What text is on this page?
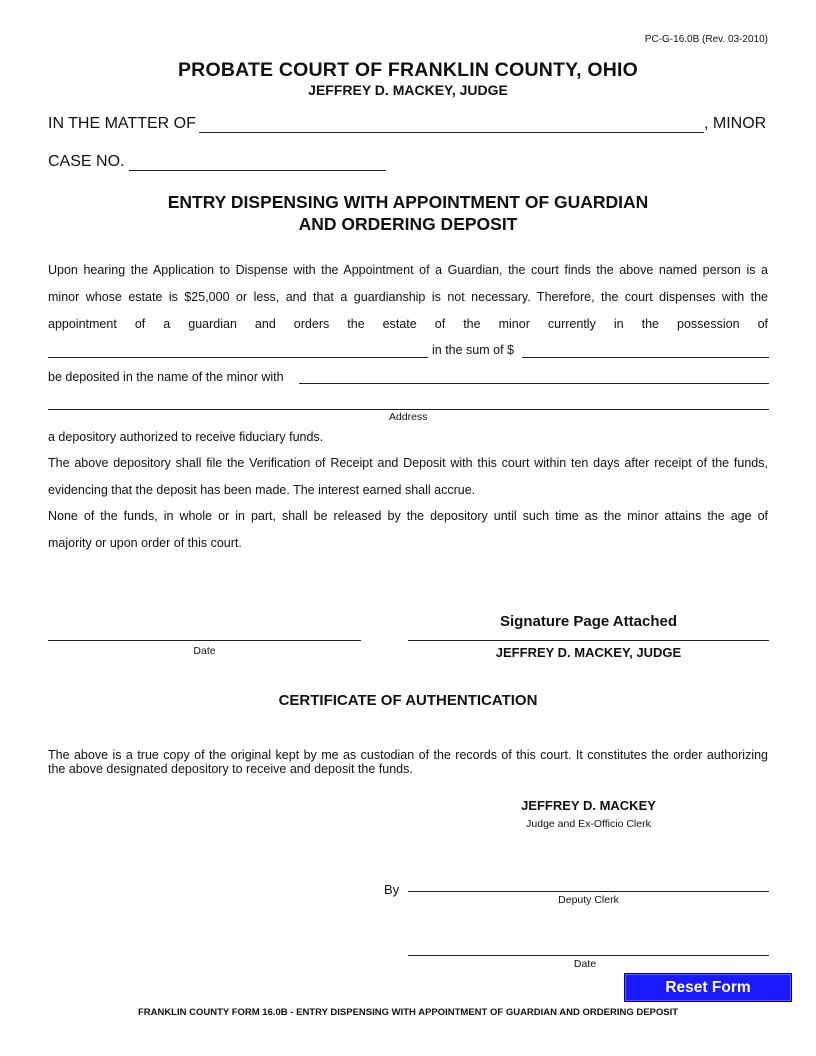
PC-G-16.0B (Rev. 03-2010)
PROBATE COURT OF FRANKLIN COUNTY, OHIO
JEFFREY D. MACKEY, JUDGE
IN THE MATTER OF	, MINOR
CASE NO.
ENTRY DISPENSING WITH APPOINTMENT OF GUARDIAN
AND ORDERING DEPOSIT
Upon hearing the Application to Dispense with the Appointment of a Guardian, the court finds the above named person is a
minor whose estate is $25,000 or less, and that a guardianship is not necessary. Therefore, the court dispenses with the
appointment of a guardian and orders the estate of the minor currently in the possession of
in the sum of $
be deposited in the name of the minor with
Address
a depository authorized to receive fiduciary funds.
The above depository shall file the Verification of Receipt and Deposit with this court within ten days after receipt of the funds,
evidencing that the deposit has been made. The interest earned shall accrue.
None of the funds, in whole or in part, shall be released by the depository until such time as the minor attains the age of
majority or upon order of this court.
Date
Signature Page Attached
JEFFREY D. MACKEY, JUDGE
CERTIFICATE OF AUTHENTICATION
The above is a true copy of the original kept by me as custodian of the records of this court. It constitutes the order authorizing
the above designated depository to receive and deposit the funds.
JEFFREY D. MACKEY
Judge and Ex-Officio Clerk
By
Deputy Clerk
Date
Reset Form
FRANKLIN COUNTY FORM 16.0B - ENTRY DISPENSING WITH APPOINTMENT OF GUARDIAN AND ORDERING DEPOSIT
